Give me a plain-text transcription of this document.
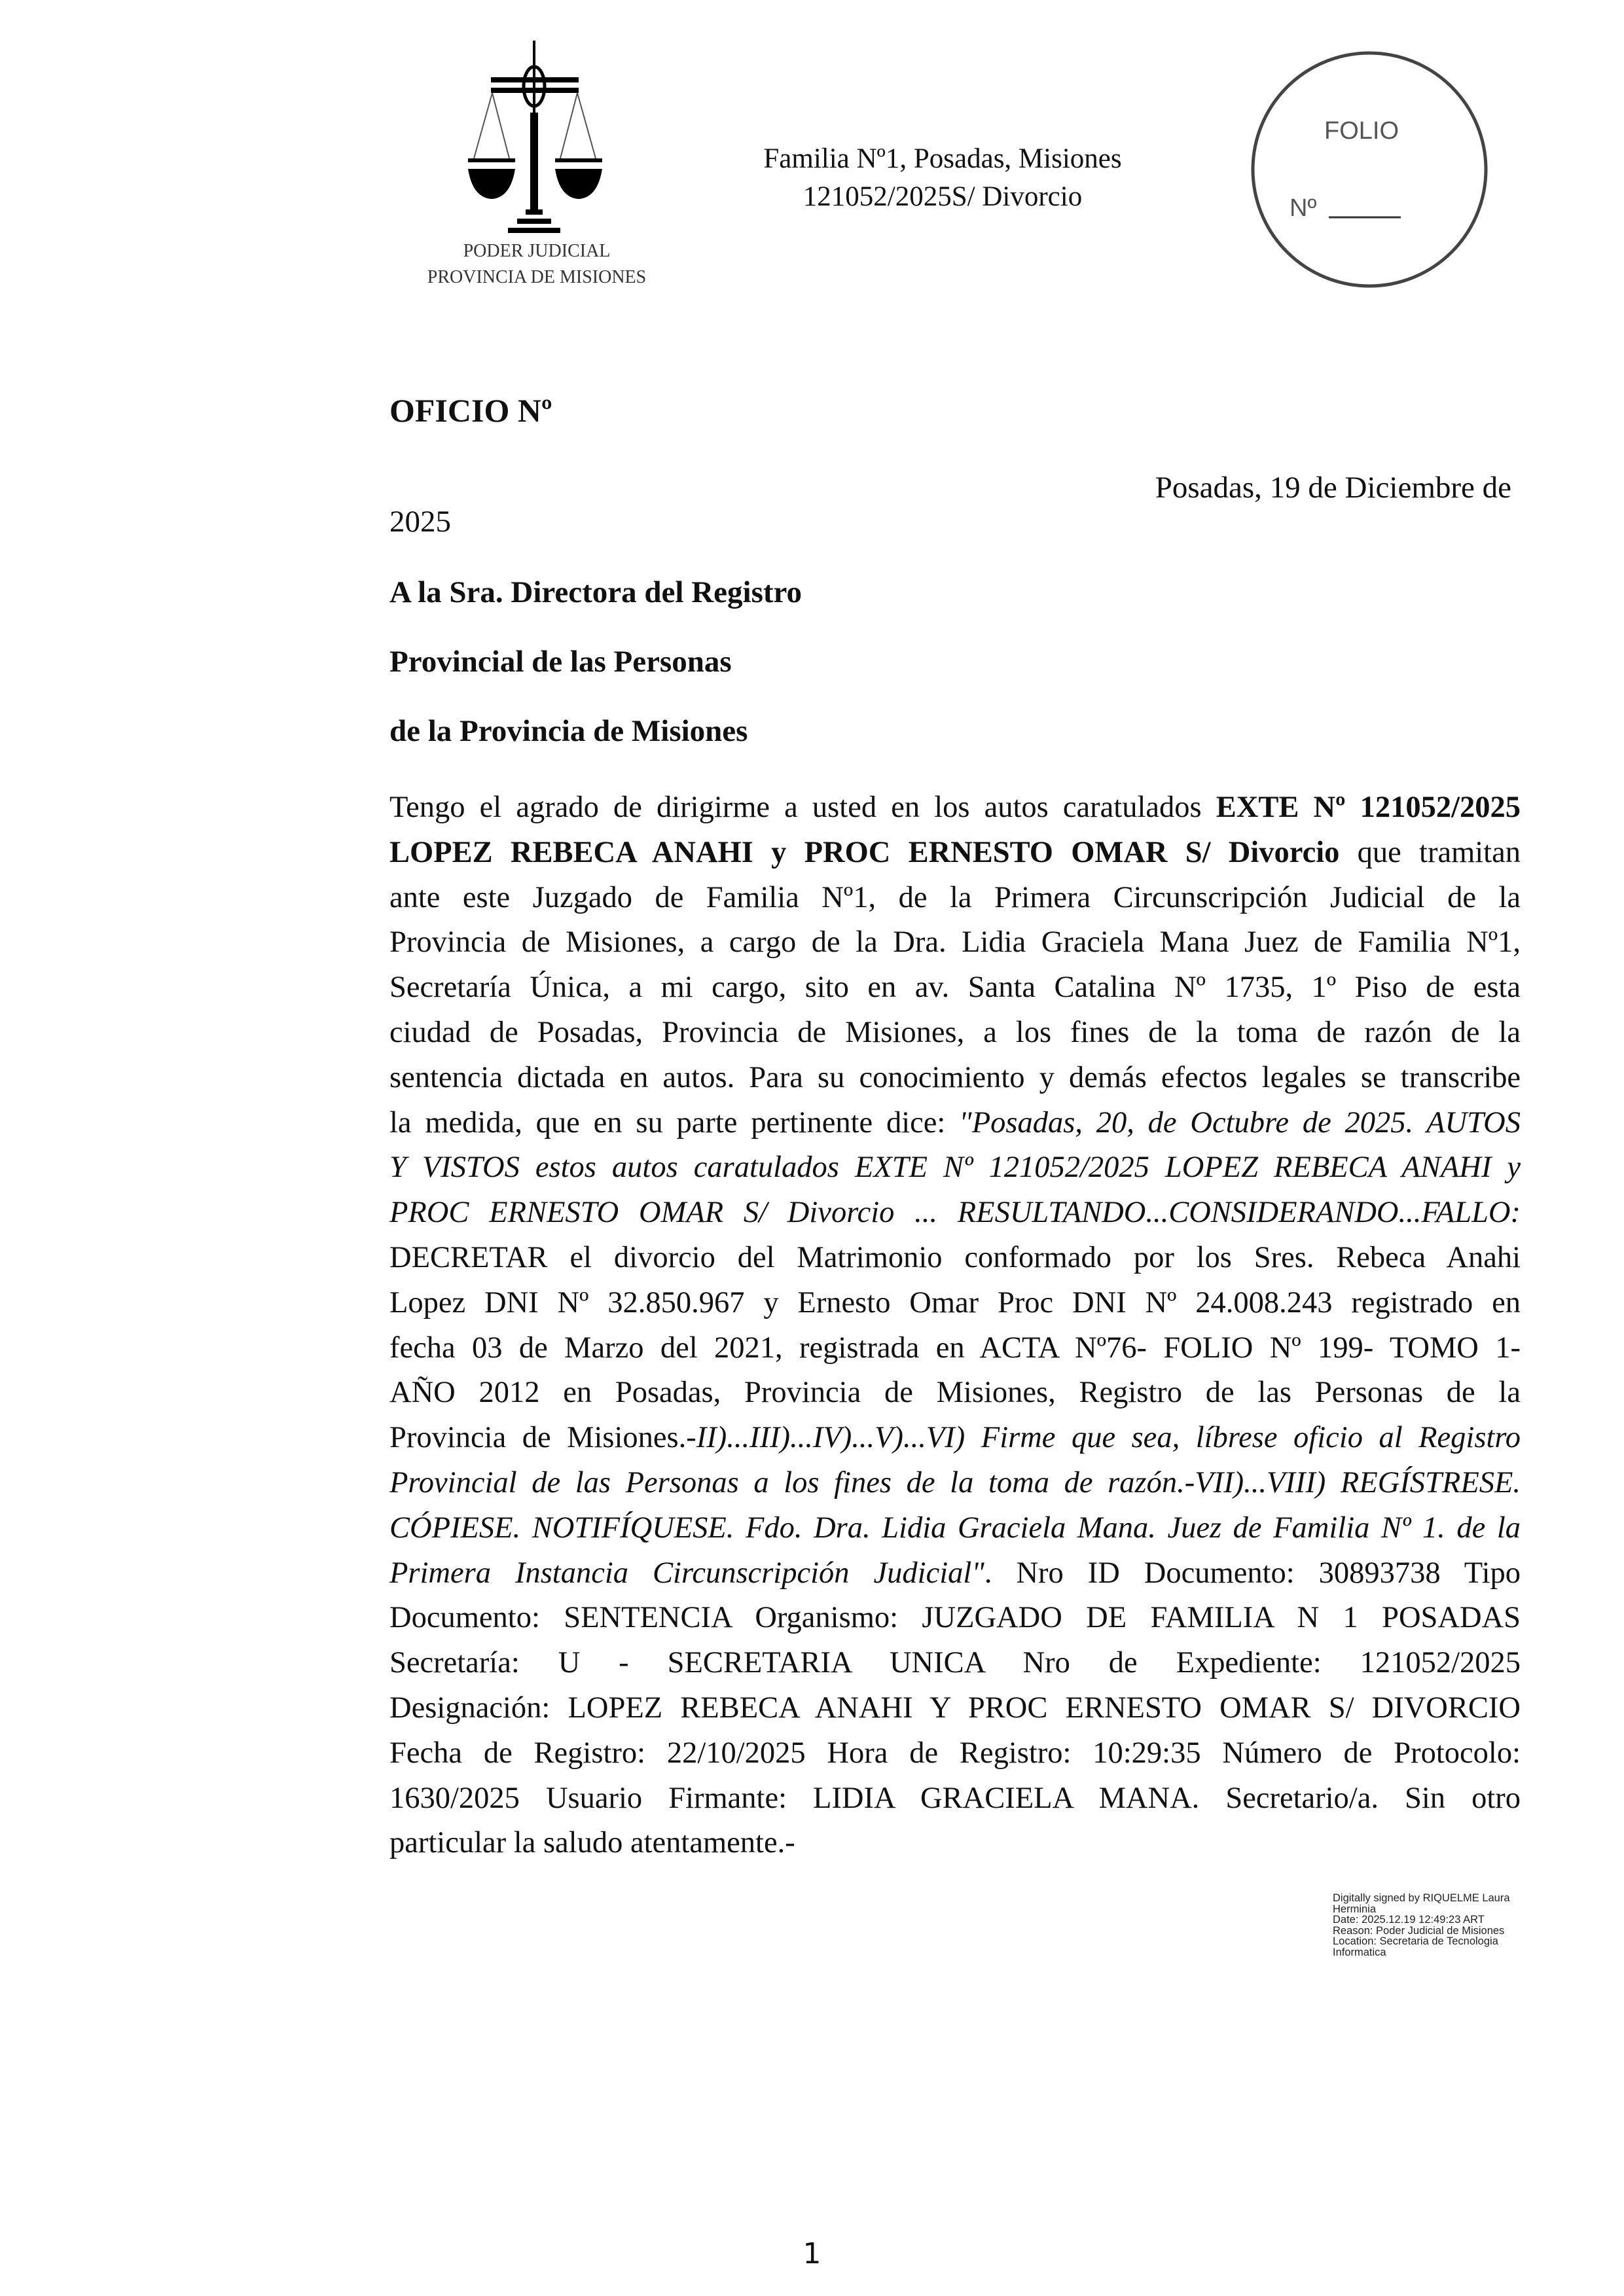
PODER JUDICIAL
PROVINCIA DE MISIONES
Familia Nº1, Posadas, Misiones
121052/2025S/ Divorcio
FOLIO
Nº
OFICIO Nº
Posadas, 19 de Diciembre de
2025
A la Sra. Directora del Registro
Provincial de las Personas
de la Provincia de Misiones
Tengo el agrado de dirigirme a usted en los autos caratulados EXTE Nº 121052/2025
LOPEZ REBECA ANAHI y PROC ERNESTO OMAR S/ Divorcio que tramitan
ante este Juzgado de Familia Nº1, de la Primera Circunscripción Judicial de la
Provincia de Misiones, a cargo de la Dra. Lidia Graciela Mana Juez de Familia Nº1,
Secretaría Única, a mi cargo, sito en av. Santa Catalina Nº 1735, 1º Piso de esta
ciudad de Posadas, Provincia de Misiones, a los fines de la toma de razón de la
sentencia dictada en autos. Para su conocimiento y demás efectos legales se transcribe
la medida, que en su parte pertinente dice: "Posadas, 20, de Octubre de 2025. AUTOS
Y VISTOS estos autos caratulados EXTE Nº 121052/2025 LOPEZ REBECA ANAHI y
PROC ERNESTO OMAR S/ Divorcio ... RESULTANDO...CONSIDERANDO...FALLO:
DECRETAR el divorcio del Matrimonio conformado por los Sres. Rebeca Anahi
Lopez DNI Nº 32.850.967 y Ernesto Omar Proc DNI Nº 24.008.243 registrado en
fecha 03 de Marzo del 2021, registrada en ACTA Nº76- FOLIO Nº 199- TOMO 1-
AÑO 2012 en Posadas, Provincia de Misiones, Registro de las Personas de la
Provincia de Misiones.-II)...III)...IV)...V)...VI) Firme que sea, líbrese oficio al Registro
Provincial de las Personas a los fines de la toma de razón.-VII)...VIII) REGÍSTRESE.
CÓPIESE. NOTIFÍQUESE. Fdo. Dra. Lidia Graciela Mana. Juez de Familia Nº 1. de la
Primera Instancia Circunscripción Judicial". Nro ID Documento: 30893738 Tipo
Documento: SENTENCIA Organismo: JUZGADO DE FAMILIA N 1 POSADAS
Secretaría: U - SECRETARIA UNICA Nro de Expediente: 121052/2025
Designación: LOPEZ REBECA ANAHI Y PROC ERNESTO OMAR S/ DIVORCIO
Fecha de Registro: 22/10/2025 Hora de Registro: 10:29:35 Número de Protocolo:
1630/2025 Usuario Firmante: LIDIA GRACIELA MANA. Secretario/a. Sin otro
particular la saludo atentamente.-
Digitally signed by RIQUELME Laura
Herminia
Date: 2025.12.19 12:49:23 ART
Reason: Poder Judicial de Misiones
Location: Secretaria de Tecnologia
Informatica
1
